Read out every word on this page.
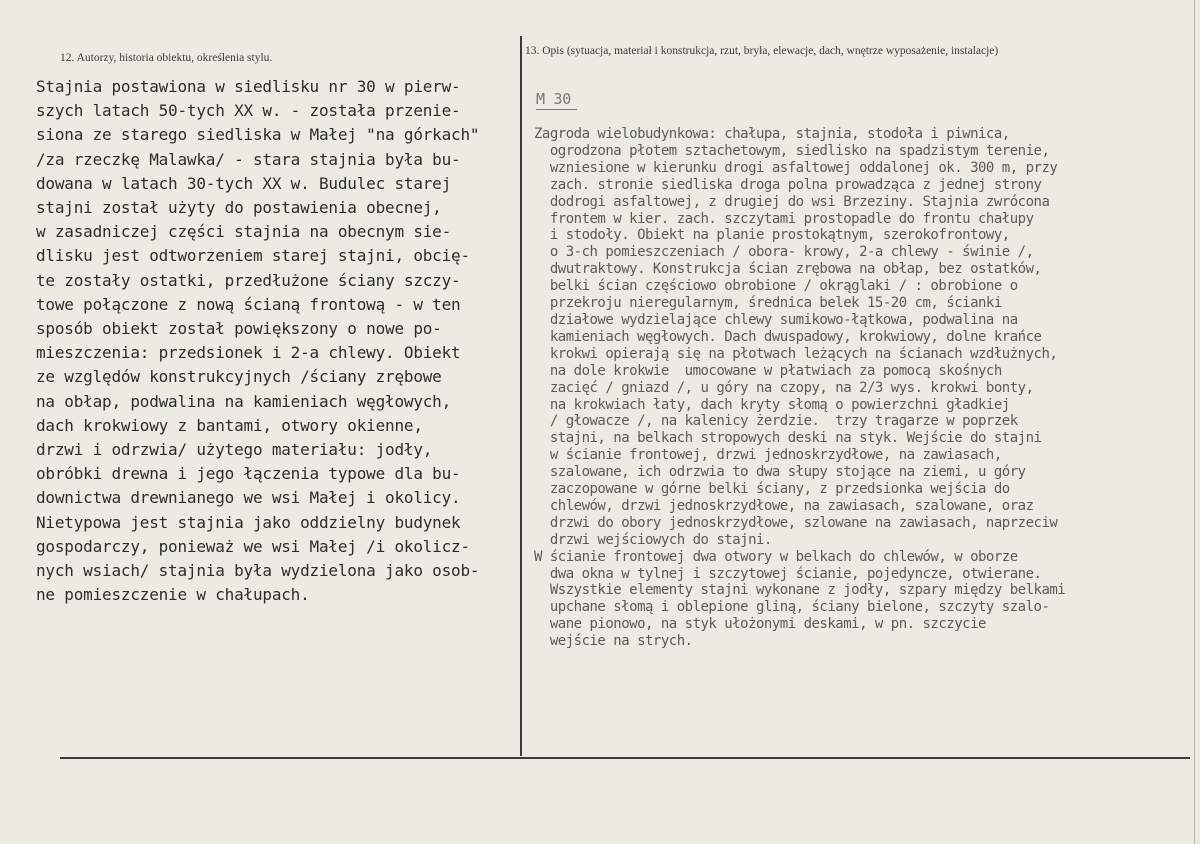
12. Autorzy, historia obiektu, określenia stylu.
13. Opis (sytuacja, materiał i konstrukcja, rzut, bryła, elewacje, dach, wnętrze wyposażenie, instalacje)
Stajnia postawiona w siedlisku nr 30 w pierw-
szych latach 50-tych XX w. - została przenie-
siona ze starego siedliska w Małej "na górkach"
/za rzeczkę Malawka/ - stara stajnia była bu-
dowana w latach 30-tych XX w. Budulec starej
stajni został użyty do postawienia obecnej,
w zasadniczej części stajnia na obecnym sie-
dlisku jest odtworzeniem starej stajni, obcię-
te zostały ostatki, przedłużone ściany szczy-
towe połączone z nową ścianą frontową - w ten
sposób obiekt został powiększony o nowe po-
mieszczenia: przedsionek i 2-a chlewy. Obiekt
ze względów konstrukcyjnych /ściany zrębowe
na obłap, podwalina na kamieniach węgłowych,
dach krokwiowy z bantami, otwory okienne,
drzwi i odrzwia/ użytego materiału: jodły,
obróbki drewna i jego łączenia typowe dla bu-
downictwa drewnianego we wsi Małej i okolicy.
Nietypowa jest stajnia jako oddzielny budynek
gospodarczy, ponieważ we wsi Małej /i okolicz-
nych wsiach/ stajnia była wydzielona jako osob-
ne pomieszczenie w chałupach.
M 30
Zagroda wielobudynkowa: chałupa, stajnia, stodoła i piwnica,
ogrodzona płotem sztachetowym, siedlisko na spadzistym terenie,
wzniesione w kierunku drogi asfaltowej oddalonej ok. 300 m, przy
zach. stronie siedliska droga polna prowadząca z jednej strony
dodrogi asfaltowej, z drugiej do wsi Brzeziny. Stajnia zwrócona
frontem w kier. zach. szczytami prostopadle do frontu chałupy
i stodoły. Obiekt na planie prostokątnym, szerokofrontowy,
o 3-ch pomieszczeniach / obora- krowy, 2-a chlewy - świnie /,
dwutraktowy. Konstrukcja ścian zrębowa na obłap, bez ostatków,
belki ścian częściowo obrobione / okrąglaki / : obrobione o
przekroju nieregularnym, średnica belek 15-20 cm, ścianki
działowe wydzielające chlewy sumikowo-łątkowa, podwalina na
kamieniach węgłowych. Dach dwuspadowy, krokwiowy, dolne krańce
krokwi opierają się na płotwach leżących na ścianach wzdłużnych,
na dole krokwie  umocowane w płatwiach za pomocą skośnych
zacięć / gniazd /, u góry na czopy, na 2/3 wys. krokwi bonty,
na krokwiach łaty, dach kryty słomą o powierzchni gładkiej
/ głowacze /, na kalenicy żerdzie.  trzy tragarze w poprzek
stajni, na belkach stropowych deski na styk. Wejście do stajni
w ścianie frontowej, drzwi jednoskrzydłowe, na zawiasach,
szalowane, ich odrzwia to dwa słupy stojące na ziemi, u góry
zaczopowane w górne belki ściany, z przedsionka wejścia do
chlewów, drzwi jednoskrzydłowe, na zawiasach, szalowane, oraz
drzwi do obory jednoskrzydłowe, szlowane na zawiasach, naprzeciw
drzwi wejściowych do stajni.
W ścianie frontowej dwa otwory w belkach do chlewów, w oborze
dwa okna w tylnej i szczytowej ścianie, pojedyncze, otwierane.
Wszystkie elementy stajni wykonane z jodły, szpary między belkami
upchane słomą i oblepione gliną, ściany bielone, szczyty szalo-
wane pionowo, na styk ułożonymi deskami, w pn. szczycie
wejście na strych.
